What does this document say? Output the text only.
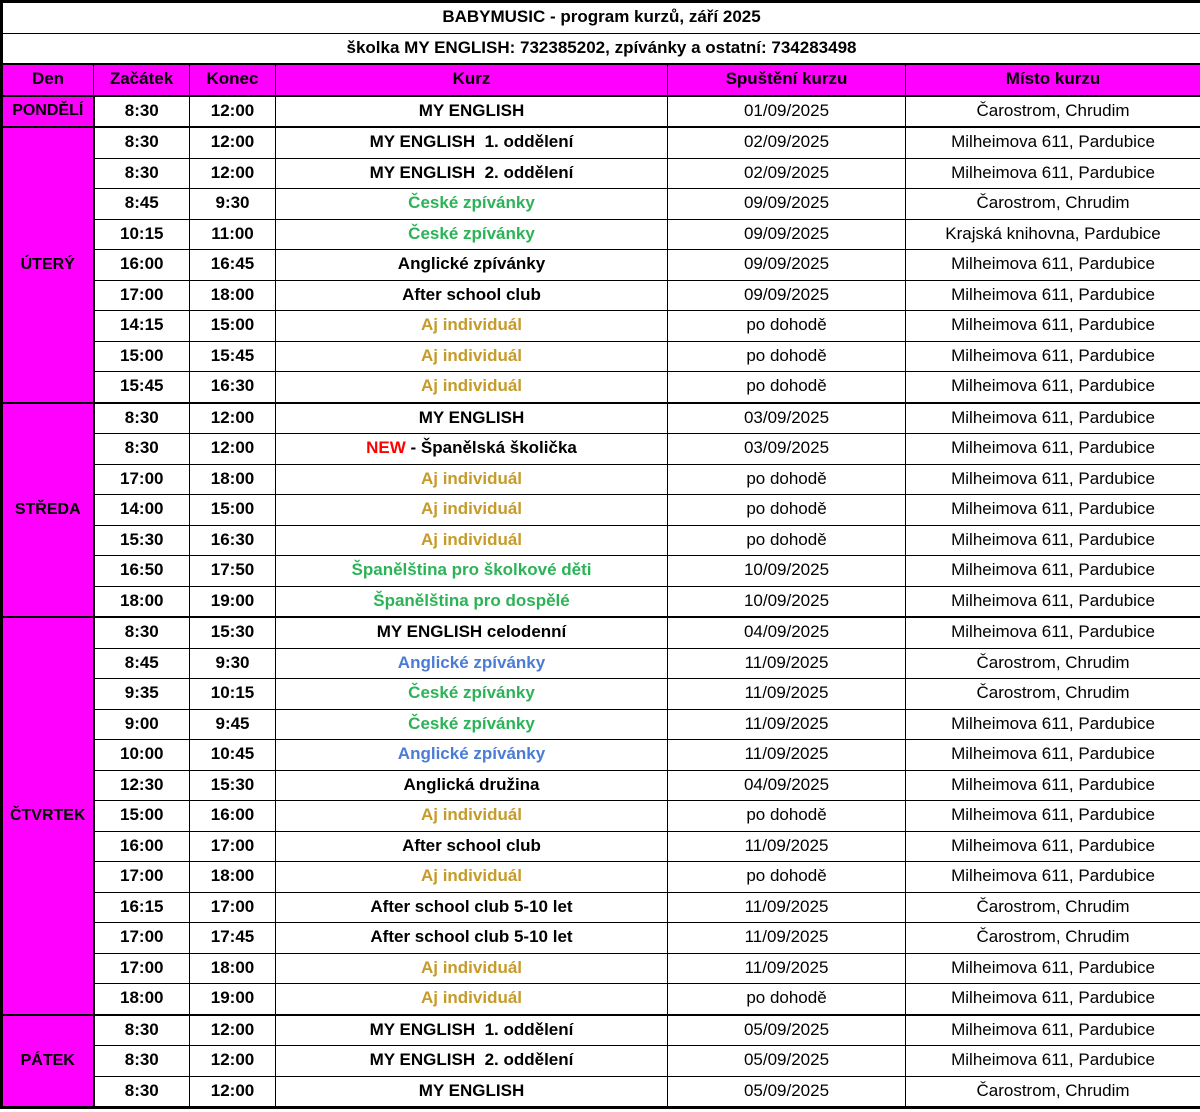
BABYMUSIC - program kurzů, září 2025					
školka MY ENGLISH: 732385202, zpívánky a ostatní: 734283498					
Den	Začátek	Konec	Kurz	Spuštění kurzu	Místo kurzu
PONDĚLÍ	8:30	12:00	MY ENGLISH	01/09/2025	Čarostrom, Chrudim
ÚTERÝ	8:30	12:00	MY ENGLISH  1. oddělení	02/09/2025	Milheimova 611, Pardubice
	8:30	12:00	MY ENGLISH  2. oddělení	02/09/2025	Milheimova 611, Pardubice
	8:45	9:30	České zpívánky	09/09/2025	Čarostrom, Chrudim
	10:15	11:00	České zpívánky	09/09/2025	Krajská knihovna, Pardubice
	16:00	16:45	Anglické zpívánky	09/09/2025	Milheimova 611, Pardubice
	17:00	18:00	After school club	09/09/2025	Milheimova 611, Pardubice
	14:15	15:00	Aj individuál	po dohodě	Milheimova 611, Pardubice
	15:00	15:45	Aj individuál	po dohodě	Milheimova 611, Pardubice
	15:45	16:30	Aj individuál	po dohodě	Milheimova 611, Pardubice
STŘEDA	8:30	12:00	MY ENGLISH	03/09/2025	Milheimova 611, Pardubice
	8:30	12:00	NEW - Španělská školička	03/09/2025	Milheimova 611, Pardubice
	17:00	18:00	Aj individuál	po dohodě	Milheimova 611, Pardubice
	14:00	15:00	Aj individuál	po dohodě	Milheimova 611, Pardubice
	15:30	16:30	Aj individuál	po dohodě	Milheimova 611, Pardubice
	16:50	17:50	Španělština pro školkové děti	10/09/2025	Milheimova 611, Pardubice
	18:00	19:00	Španělština pro dospělé	10/09/2025	Milheimova 611, Pardubice
ČTVRTEK	8:30	15:30	MY ENGLISH celodenní	04/09/2025	Milheimova 611, Pardubice
	8:45	9:30	Anglické zpívánky	11/09/2025	Čarostrom, Chrudim
	9:35	10:15	České zpívánky	11/09/2025	Čarostrom, Chrudim
	9:00	9:45	České zpívánky	11/09/2025	Milheimova 611, Pardubice
	10:00	10:45	Anglické zpívánky	11/09/2025	Milheimova 611, Pardubice
	12:30	15:30	Anglická družina	04/09/2025	Milheimova 611, Pardubice
	15:00	16:00	Aj individuál	po dohodě	Milheimova 611, Pardubice
	16:00	17:00	After school club	11/09/2025	Milheimova 611, Pardubice
	17:00	18:00	Aj individuál	po dohodě	Milheimova 611, Pardubice
	16:15	17:00	After school club 5-10 let	11/09/2025	Čarostrom, Chrudim
	17:00	17:45	After school club 5-10 let	11/09/2025	Čarostrom, Chrudim
	17:00	18:00	Aj individuál	11/09/2025	Milheimova 611, Pardubice
	18:00	19:00	Aj individuál	po dohodě	Milheimova 611, Pardubice
PÁTEK	8:30	12:00	MY ENGLISH  1. oddělení	05/09/2025	Milheimova 611, Pardubice
	8:30	12:00	MY ENGLISH  2. oddělení	05/09/2025	Milheimova 611, Pardubice
	8:30	12:00	MY ENGLISH	05/09/2025	Čarostrom, Chrudim
